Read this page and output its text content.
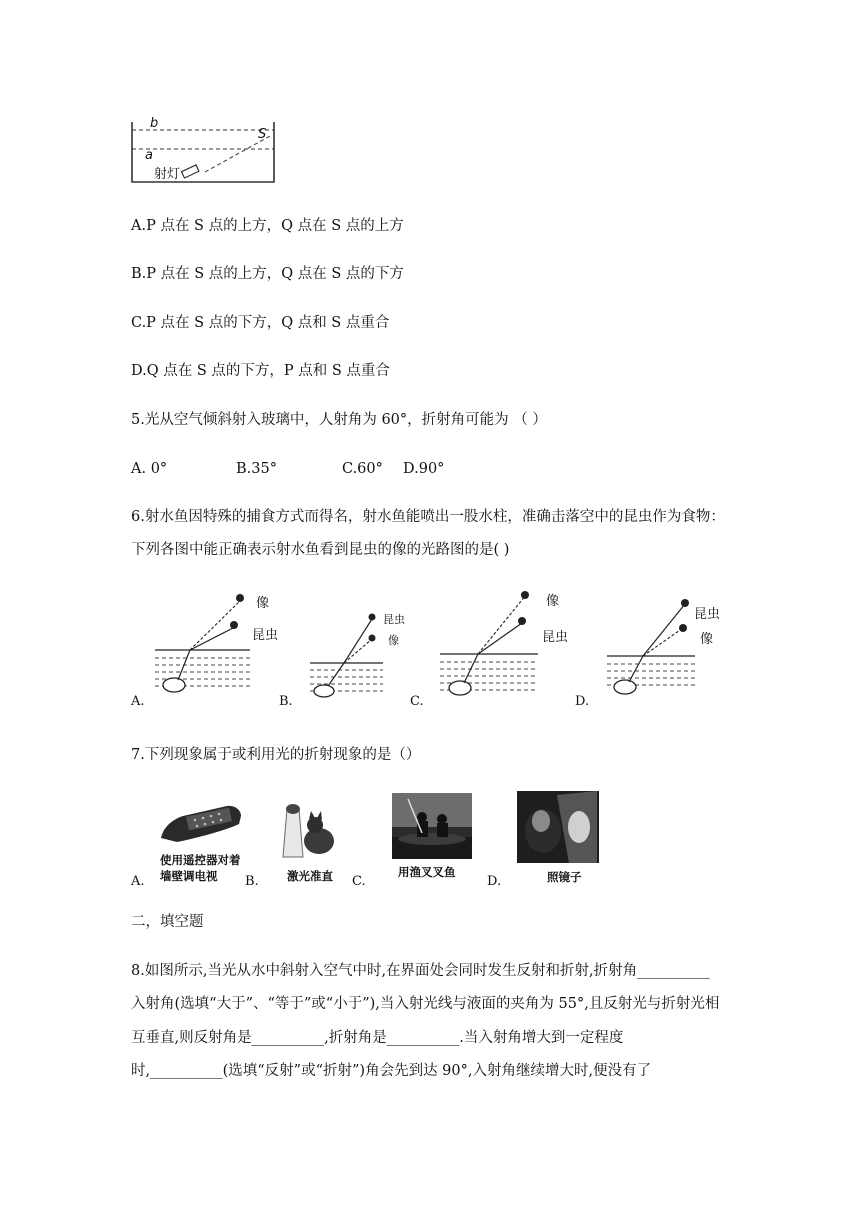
b
S
a
射灯
A.P 点在 S 点的上方，Q 点在 S 点的上方
B.P 点在 S 点的上方，Q 点在 S 点的下方
C.P 点在 S 点的下方，Q 点和 S 点重合
D.Q 点在 S 点的下方，P 点和 S 点重合
5.光从空气倾斜射入玻璃中，人射角为 60°，折射角可能为 （ ）
A. 0°	B.35°	C.60° D.90°
6.射水鱼因特殊的捕食方式而得名，射水鱼能喷出一股水柱，准确击落空中的昆虫作为食物：
下列各图中能正确表示射水鱼看到昆虫的像的光路图的是( )
像
昆虫
A.
昆虫
像
B.
像
昆虫
C.
昆虫
像
D.
7.下列现象属于或利用光的折射现象的是（）
使用遥控器对着
墙壁调电视
A.	激光准直
B.
用渔叉叉鱼
C.	照镜子
D.
二，填空题
8.如图所示,当光从水中斜射入空气中时,在界面处会同时发生反射和折射,折射角__________
入射角(选填“大于”、“等于”或“小于”),当入射光线与液面的夹角为 55°,且反射光与折射光相
互垂直,则反射角是__________,折射角是__________.当入射角增大到一定程度
时,__________(选填“反射”或“折射”)角会先到达 90°,入射角继续增大时,便没有了
